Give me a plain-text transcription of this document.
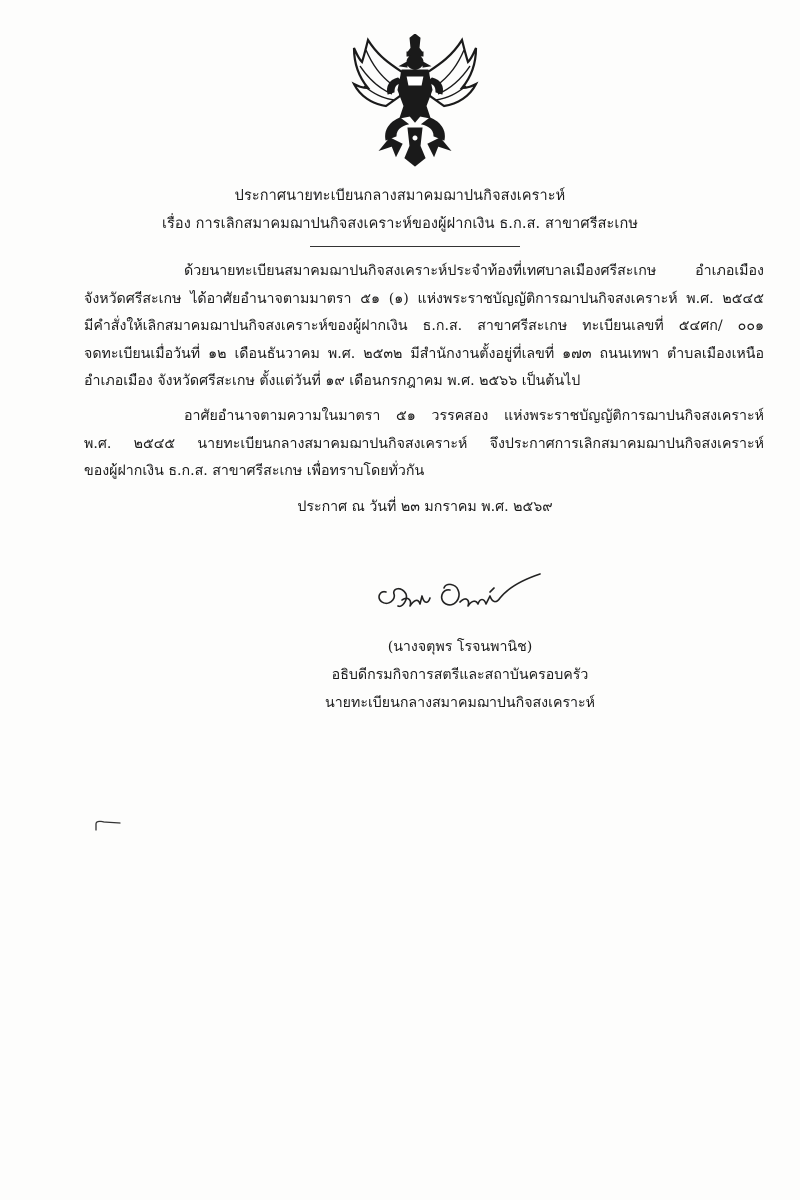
ประกาศนายทะเบียนกลางสมาคมฌาปนกิจสงเคราะห์
เรื่อง การเลิกสมาคมฌาปนกิจสงเคราะห์ของผู้ฝากเงิน ธ.ก.ส. สาขาศรีสะเกษ
ด้วยนายทะเบียนสมาคมฌาปนกิจสงเคราะห์ประจำท้องที่เทศบาลเมืองศรีสะเกษ อำเภอเมือง
จังหวัดศรีสะเกษ ได้อาศัยอำนาจตามมาตรา ๕๑ (๑) แห่งพระราชบัญญัติการฌาปนกิจสงเคราะห์ พ.ศ. ๒๕๔๕
มีคำสั่งให้เลิกสมาคมฌาปนกิจสงเคราะห์ของผู้ฝากเงิน ธ.ก.ส. สาขาศรีสะเกษ ทะเบียนเลขที่ ๕๔ศก/ ๐๐๑
จดทะเบียนเมื่อวันที่ ๑๒ เดือนธันวาคม พ.ศ. ๒๕๓๒ มีสำนักงานตั้งอยู่ที่เลขที่ ๑๗๓ ถนนเทพา ตำบลเมืองเหนือ
อำเภอเมือง จังหวัดศรีสะเกษ ตั้งแต่วันที่ ๑๙ เดือนกรกฎาคม พ.ศ. ๒๕๖๖ เป็นต้นไป
อาศัยอำนาจตามความในมาตรา ๕๑ วรรคสอง แห่งพระราชบัญญัติการฌาปนกิจสงเคราะห์
พ.ศ. ๒๕๔๕ นายทะเบียนกลางสมาคมฌาปนกิจสงเคราะห์ จึงประกาศการเลิกสมาคมฌาปนกิจสงเคราะห์
ของผู้ฝากเงิน ธ.ก.ส. สาขาศรีสะเกษ เพื่อทราบโดยทั่วกัน
ประกาศ ณ วันที่ ๒๓ มกราคม พ.ศ. ๒๕๖๙
(นางจตุพร โรจนพานิช)
อธิบดีกรมกิจการสตรีและสถาบันครอบครัว
นายทะเบียนกลางสมาคมฌาปนกิจสงเคราะห์
